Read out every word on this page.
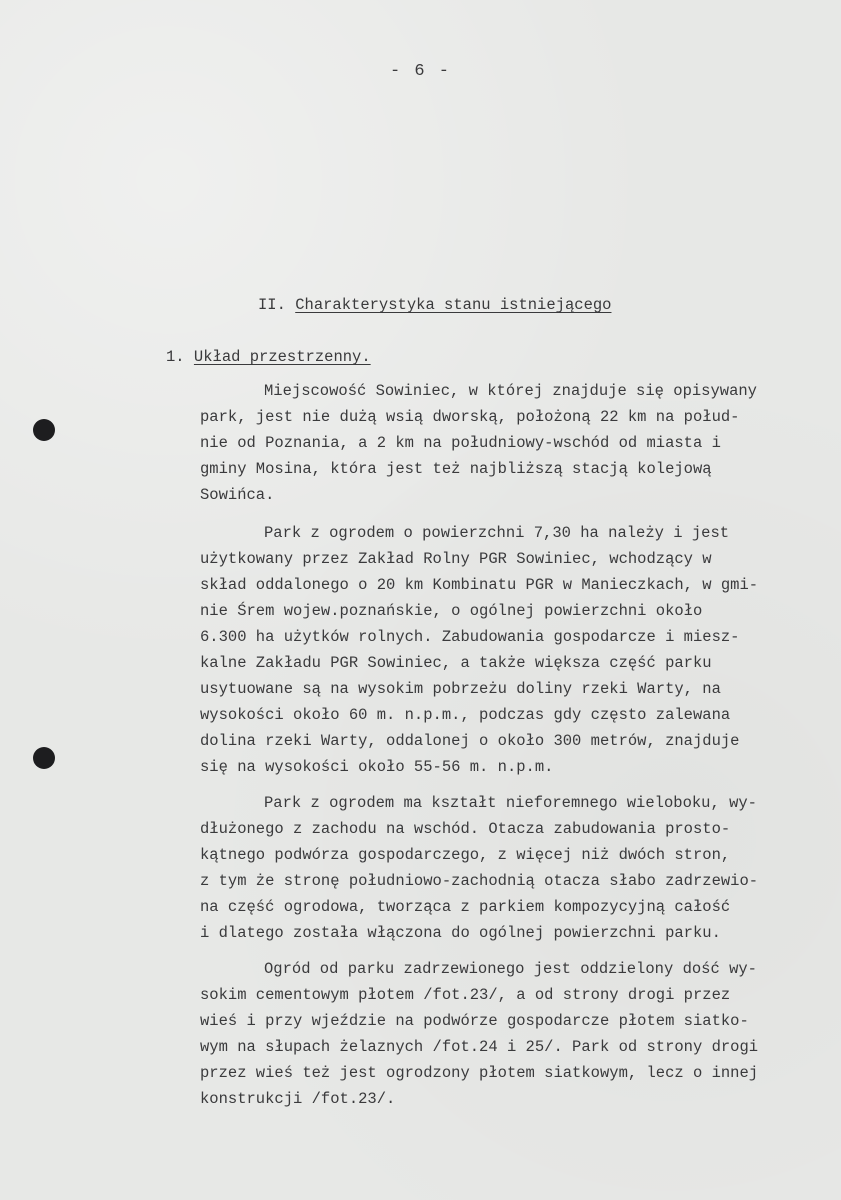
- 6 -
II. Charakterystyka stanu istniejącego
1. Układ przestrzenny.
Miejscowość Sowiniec, w której znajduje się opisywany
park, jest nie dużą wsią dworską, położoną 22 km na połud-
nie od Poznania, a 2 km na południowy-wschód od miasta i
gminy Mosina, która jest też najbliższą stacją kolejową
Sowińca.
Park z ogrodem o powierzchni 7,30 ha należy i jest
użytkowany przez Zakład Rolny PGR Sowiniec, wchodzący w
skład oddalonego o 20 km Kombinatu PGR w Manieczkach, w gmi-
nie Śrem wojew.poznańskie, o ogólnej powierzchni około
6.300 ha użytków rolnych. Zabudowania gospodarcze i miesz-
kalne Zakładu PGR Sowiniec, a także większa część parku
usytuowane są na wysokim pobrzeżu doliny rzeki Warty, na
wysokości około 60 m. n.p.m., podczas gdy często zalewana
dolina rzeki Warty, oddalonej o około 300 metrów, znajduje
się na wysokości około 55-56 m. n.p.m.
Park z ogrodem ma kształt nieforemnego wieloboku, wy-
dłużonego z zachodu na wschód. Otacza zabudowania prosto-
kątnego podwórza gospodarczego, z więcej niż dwóch stron,
z tym że stronę południowo-zachodnią otacza słabo zadrzewio-
na część ogrodowa, tworząca z parkiem kompozycyjną całość
i dlatego została włączona do ogólnej powierzchni parku.
Ogród od parku zadrzewionego jest oddzielony dość wy-
sokim cementowym płotem /fot.23/, a od strony drogi przez
wieś i przy wjeździe na podwórze gospodarcze płotem siatko-
wym na słupach żelaznych /fot.24 i 25/. Park od strony drogi
przez wieś też jest ogrodzony płotem siatkowym, lecz o innej
konstrukcji /fot.23/.
